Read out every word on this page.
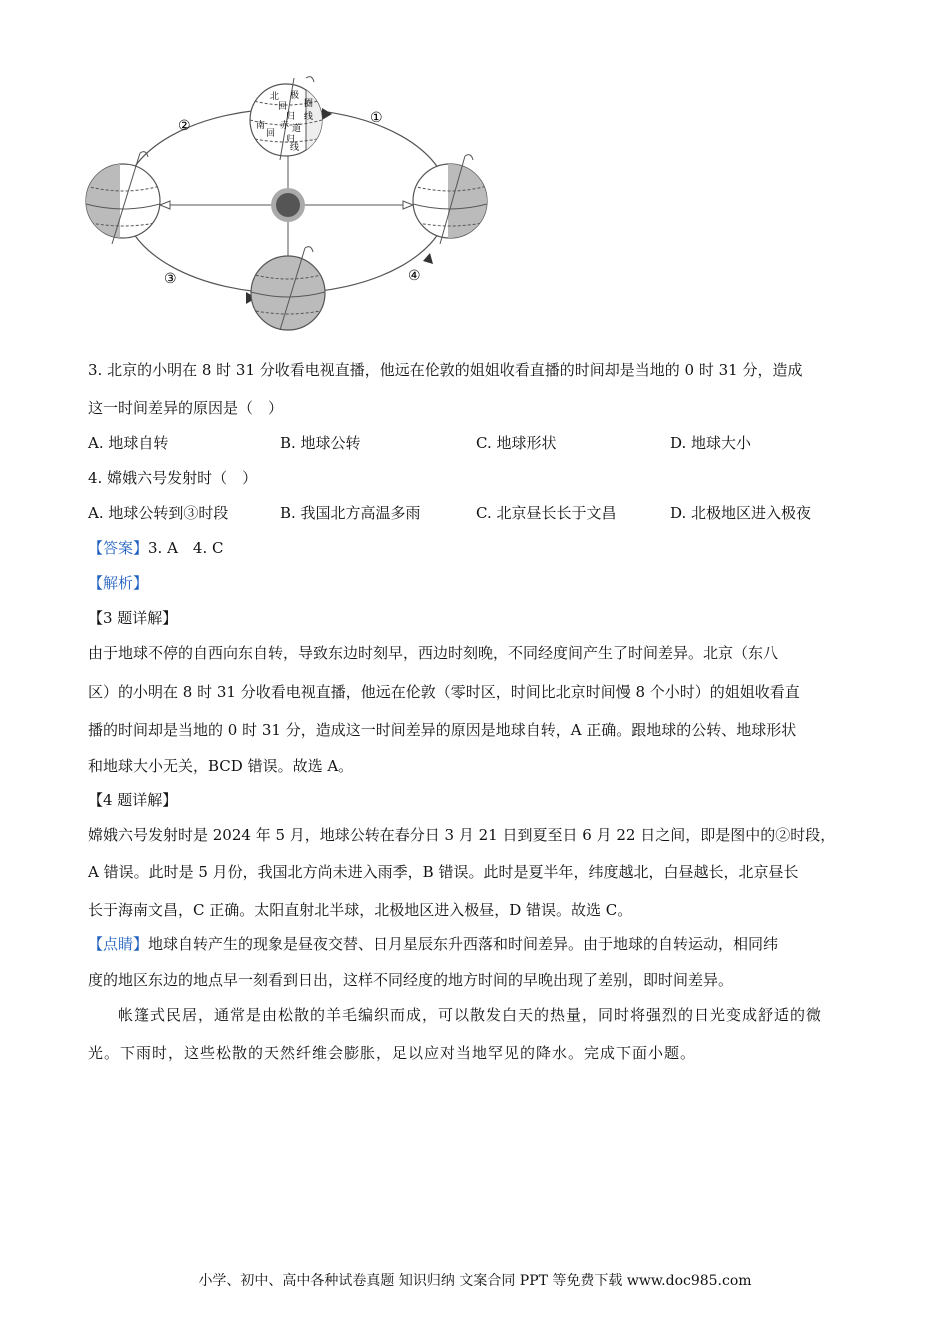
北
回
归 线
极
圈
赤 道
南
回
归
线
①
②
③	④
3. 北京的小明在 8 时 31 分收看电视直播，他远在伦敦的姐姐收看直播的时间却是当地的 0 时 31 分，造成
这一时间差异的原因是（　）
A. 地球自转	B. 地球公转	C. 地球形状	D. 地球大小
4. 嫦娥六号发射时（　）
A. 地球公转到③时段	B. 我国北方高温多雨	C. 北京昼长长于文昌	D. 北极地区进入极夜
【答案】3. A　4. C
【解析】
【3 题详解】
由于地球不停的自西向东自转，导致东边时刻早，西边时刻晚，不同经度间产生了时间差异。北京（东八
区）的小明在 8 时 31 分收看电视直播，他远在伦敦（零时区，时间比北京时间慢 8 个小时）的姐姐收看直
播的时间却是当地的 0 时 31 分，造成这一时间差异的原因是地球自转，A 正确。跟地球的公转、地球形状
和地球大小无关，BCD 错误。故选 A。
【4 题详解】
嫦娥六号发射时是 2024 年 5 月，地球公转在春分日 3 月 21 日到夏至日 6 月 22 日之间，即是图中的②时段，
A 错误。此时是 5 月份，我国北方尚未进入雨季，B 错误。此时是夏半年，纬度越北，白昼越长，北京昼长
长于海南文昌，C 正确。太阳直射北半球，北极地区进入极昼，D 错误。故选 C。
【点睛】地球自转产生的现象是昼夜交替、日月星辰东升西落和时间差异。由于地球的自转运动，相同纬
度的地区东边的地点早一刻看到日出，这样不同经度的地方时间的早晚出现了差别，即时间差异。
帐篷式民居，通常是由松散的羊毛编织而成，可以散发白天的热量，同时将强烈的日光变成舒适的微
光。下雨时，这些松散的天然纤维会膨胀，足以应对当地罕见的降水。完成下面小题。
小学、初中、高中各种试卷真题 知识归纳 文案合同 PPT 等免费下载 www.doc985.com
